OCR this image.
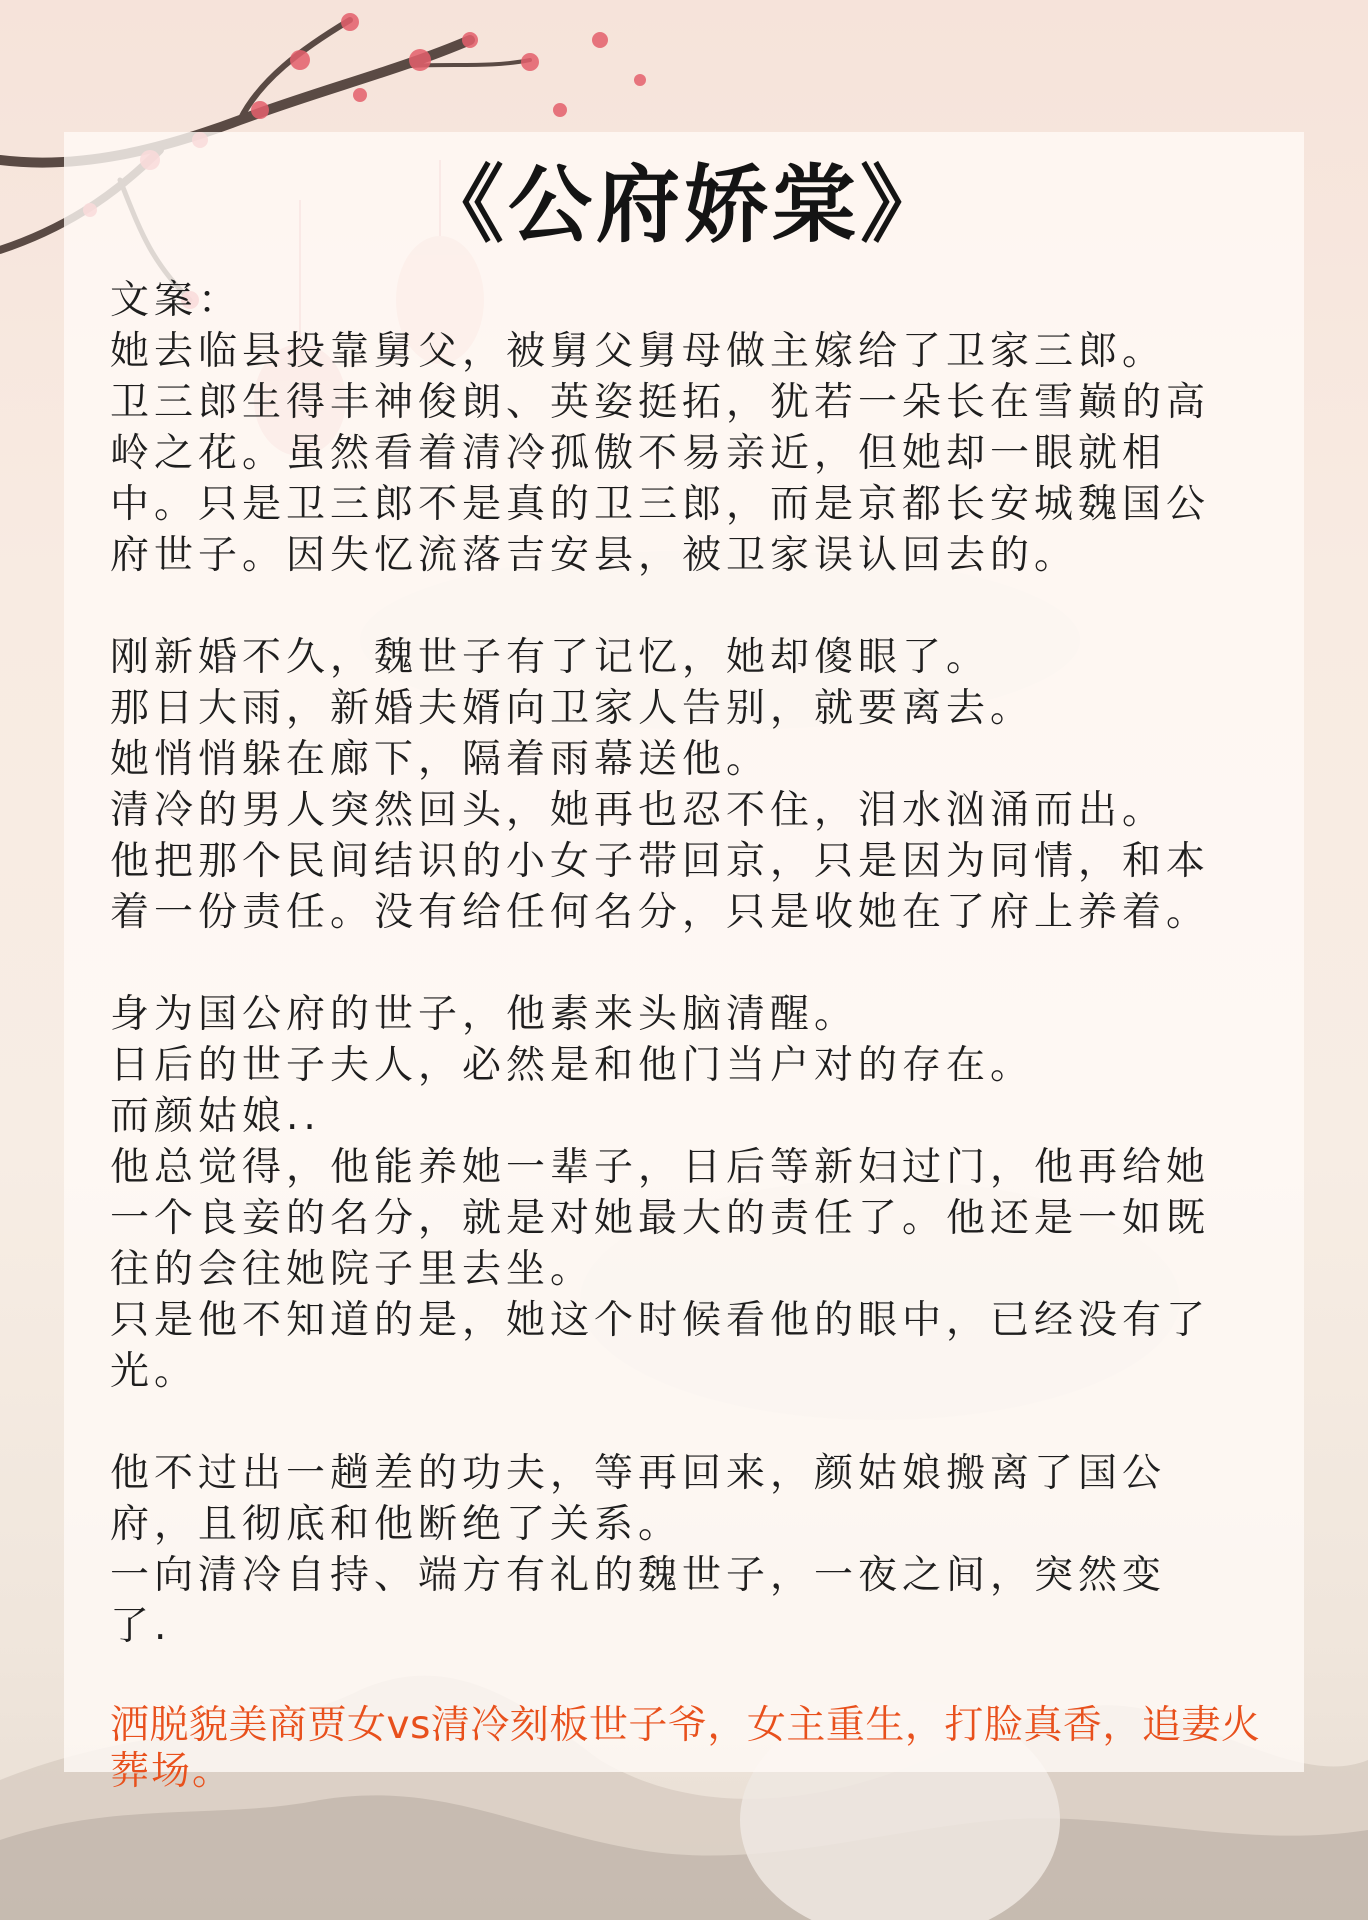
《公府娇棠》
文案：
她去临县投靠舅父，被舅父舅母做主嫁给了卫家三郎。
卫三郎生得丰神俊朗、英姿挺拓，犹若一朵长在雪巅的高
岭之花。虽然看着清冷孤傲不易亲近，但她却一眼就相
中。只是卫三郎不是真的卫三郎，而是京都长安城魏国公
府世子。因失忆流落吉安县，被卫家误认回去的。
刚新婚不久，魏世子有了记忆，她却傻眼了。
那日大雨，新婚夫婿向卫家人告别，就要离去。
她悄悄躲在廊下，隔着雨幕送他。
清冷的男人突然回头，她再也忍不住，泪水汹涌而出。
他把那个民间结识的小女子带回京，只是因为同情，和本
着一份责任。没有给任何名分，只是收她在了府上养着。
身为国公府的世子，他素来头脑清醒。
日后的世子夫人，必然是和他门当户对的存在。
而颜姑娘..
他总觉得，他能养她一辈子，日后等新妇过门，他再给她
一个良妾的名分，就是对她最大的责任了。他还是一如既
往的会往她院子里去坐。
只是他不知道的是，她这个时候看他的眼中，已经没有了
光。
他不过出一趟差的功夫，等再回来，颜姑娘搬离了国公
府，且彻底和他断绝了关系。
一向清冷自持、端方有礼的魏世子，一夜之间，突然变
了.
洒脱貌美商贾女vs清冷刻板世子爷，女主重生，打脸真香，追妻火
葬场。
